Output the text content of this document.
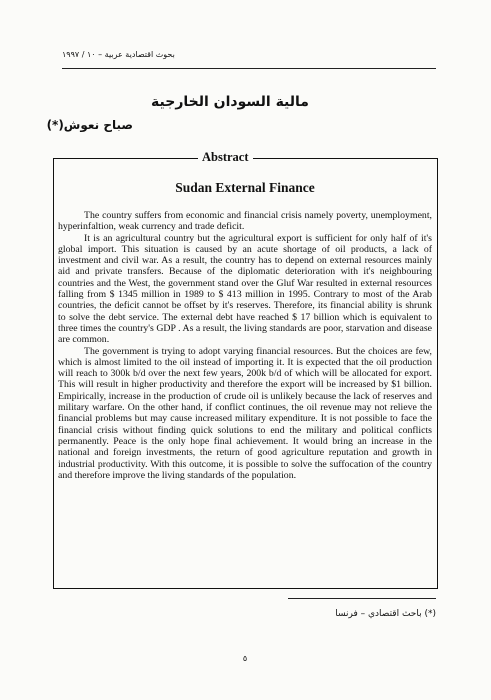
بحوث اقتصادية عربية – ١٠ / ١٩٩٧
مالية السودان الخارجية
صباح نعوش(*)
Abstract
Sudan External Finance

The country suffers from economic and financial crisis namely poverty, unemployment, hyperinfaltion, weak currency and trade deficit.

It is an agricultural country but the agricultural export is sufficient for only half of it's global import. This situation is caused by an acute shortage of oil products, a lack of investment and civil war. As a result, the country has to depend on external resources mainly aid and private transfers. Because of the diplomatic deterioration with it's neighbouring countries and the West, the government stand over the Gluf War resulted in external resources falling from $ 1345 million in 1989 to $ 413 million in 1995. Contrary to most of the Arab countries, the deficit cannot be offset by it's reserves. Therefore, its financial ability is shrunk to solve the debt service. The external debt have reached $ 17 billion which is equivalent to three times the country's GDP . As a result, the living standards are poor, starvation and disease are common.

The government is trying to adopt varying financial resources. But the choices are few, which is almost limited to the oil instead of importing it. It is expected that the oil production will reach to 300k b/d over the next few years, 200k b/d of which will be allocated for export. This will result in higher productivity and therefore the export will be increased by $1 billion. Empirically, increase in the production of crude oil is unlikely because the lack of reserves and military warfare. On the other hand, if conflict continues, the oil revenue may not relieve the financial problems but may cause increased military expenditure. It is not possible to face the financial crisis without finding quick solutions to end the military and political conflicts permanently. Peace is the only hope final achievement. It would bring an increase in the national and foreign investments, the return of good agriculture reputation and growth in industrial productivity. With this outcome, it is possible to solve the suffocation of the country and therefore improve the living standards of the population.

(*) باحث اقتصادي – فرنسا
٥
